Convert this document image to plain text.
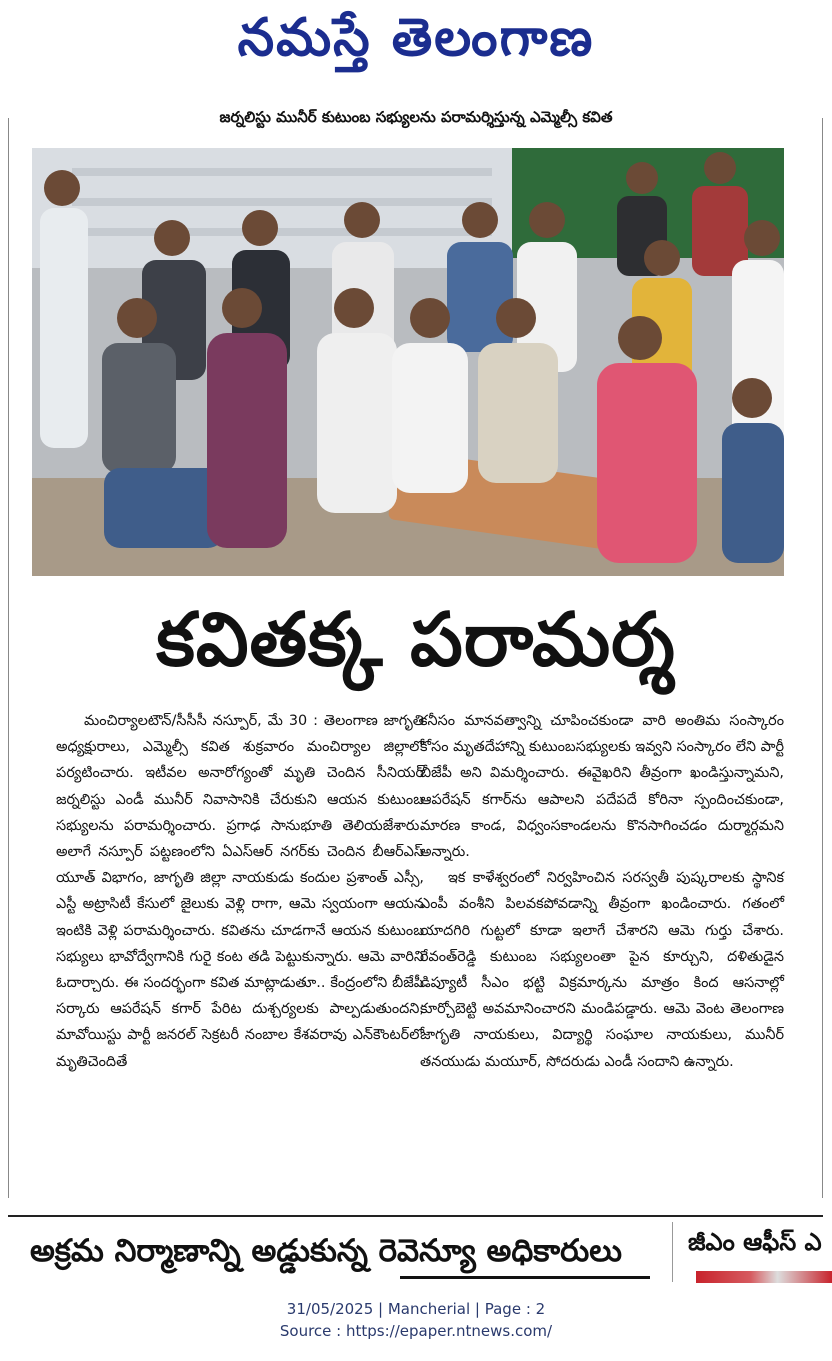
నమస్తే తెలంగాణ
జర్నలిస్టు మునీర్ కుటుంబ సభ్యులను పరామర్శిస్తున్న ఎమ్మెల్సీ కవిత
కవితక్క పరామర్శ

మంచిర్యాలటౌన్/సీసీసీ నస్పూర్, మే 30 : తెలంగాణ జాగృతి అధ్యక్షురాలు, ఎమ్మెల్సీ కవిత శుక్రవారం మంచిర్యాల జిల్లాలో పర్యటించారు. ఇటీవల అనారోగ్యంతో మృతి చెందిన సీనియర్ జర్నలిస్టు ఎండీ మునీర్ నివాసానికి చేరుకుని ఆయన కుటుంబ సభ్యులను పరామర్శించారు. ప్రగాఢ సానుభూతి తెలియజేశారు. అలాగే నస్పూర్ పట్టణంలోని ఏఎస్ఆర్ నగర్‌కు చెందిన బీఆర్ఎస్ యూత్ విభాగం, జాగృతి జిల్లా నాయకుడు కందుల ప్రశాంత్ ఎస్సీ, ఎస్టీ అట్రాసిటీ కేసులో జైలుకు వెళ్లి రాగా, ఆమె స్వయంగా ఆయన ఇంటికి వెళ్లి పరామర్శించారు. కవితను చూడగానే ఆయన కుటుంబ సభ్యులు భావోద్వేగానికి గురై కంట తడి పెట్టుకున్నారు. ఆమె వారిని ఓదార్చారు. ఈ సందర్భంగా కవిత మాట్లాడుతూ.. కేంద్రంలోని బీజేపీ సర్కారు ఆపరేషన్ కగార్ పేరిట దుశ్చర్యలకు పాల్పడుతుందని, మావోయిస్టు పార్టీ జనరల్ సెక్రటరీ నంబాల కేశవరావు ఎన్‌కౌంటర్‌లో మృతిచెందితే

కనీసం మానవత్వాన్ని చూపించకుండా వారి అంతిమ సంస్కారం కోసం మృతదేహాన్ని కుటుంబసభ్యులకు ఇవ్వని సంస్కారం లేని పార్టీ బీజేపీ అని విమర్శించారు. ఈవైఖరిని తీవ్రంగా ఖండిస్తున్నామని, ఆపరేషన్ కగార్‌ను ఆపాలని పదేపదే కోరినా స్పందించకుండా, మారణ కాండ, విధ్వంసకాండలను కొనసాగించడం దుర్మార్గమని అన్నారు.

ఇక కాళేశ్వరంలో నిర్వహించిన సరస్వతీ పుష్కరాలకు స్థానిక ఎంపీ వంశీని పిలవకపోవడాన్ని తీవ్రంగా ఖండించారు. గతంలో యాదగిరి గుట్టలో కూడా ఇలాగే చేశారని ఆమె గుర్తు చేశారు. రేవంత్‌రెడ్డి కుటుంబ సభ్యులంతా పైన కూర్చుని, దళితుడైన డిప్యూటీ సీఎం భట్టి విక్రమార్కను మాత్రం కింద ఆసనాల్లో కూర్చోబెట్టి అవమానించారని మండిపడ్డారు. ఆమె వెంట తెలంగాణ జాగృతి నాయకులు, విద్యార్థి సంఘాల నాయకులు, మునీర్ తనయుడు మయూర్, సోదరుడు ఎండీ సందాని ఉన్నారు.

అక్రమ నిర్మాణాన్ని అడ్డుకున్న రెవెన్యూ అధికారులు	జీఎం ఆఫీస్ ఎ
31/05/2025 | Mancherial | Page : 2
Source : https://epaper.ntnews.com/
